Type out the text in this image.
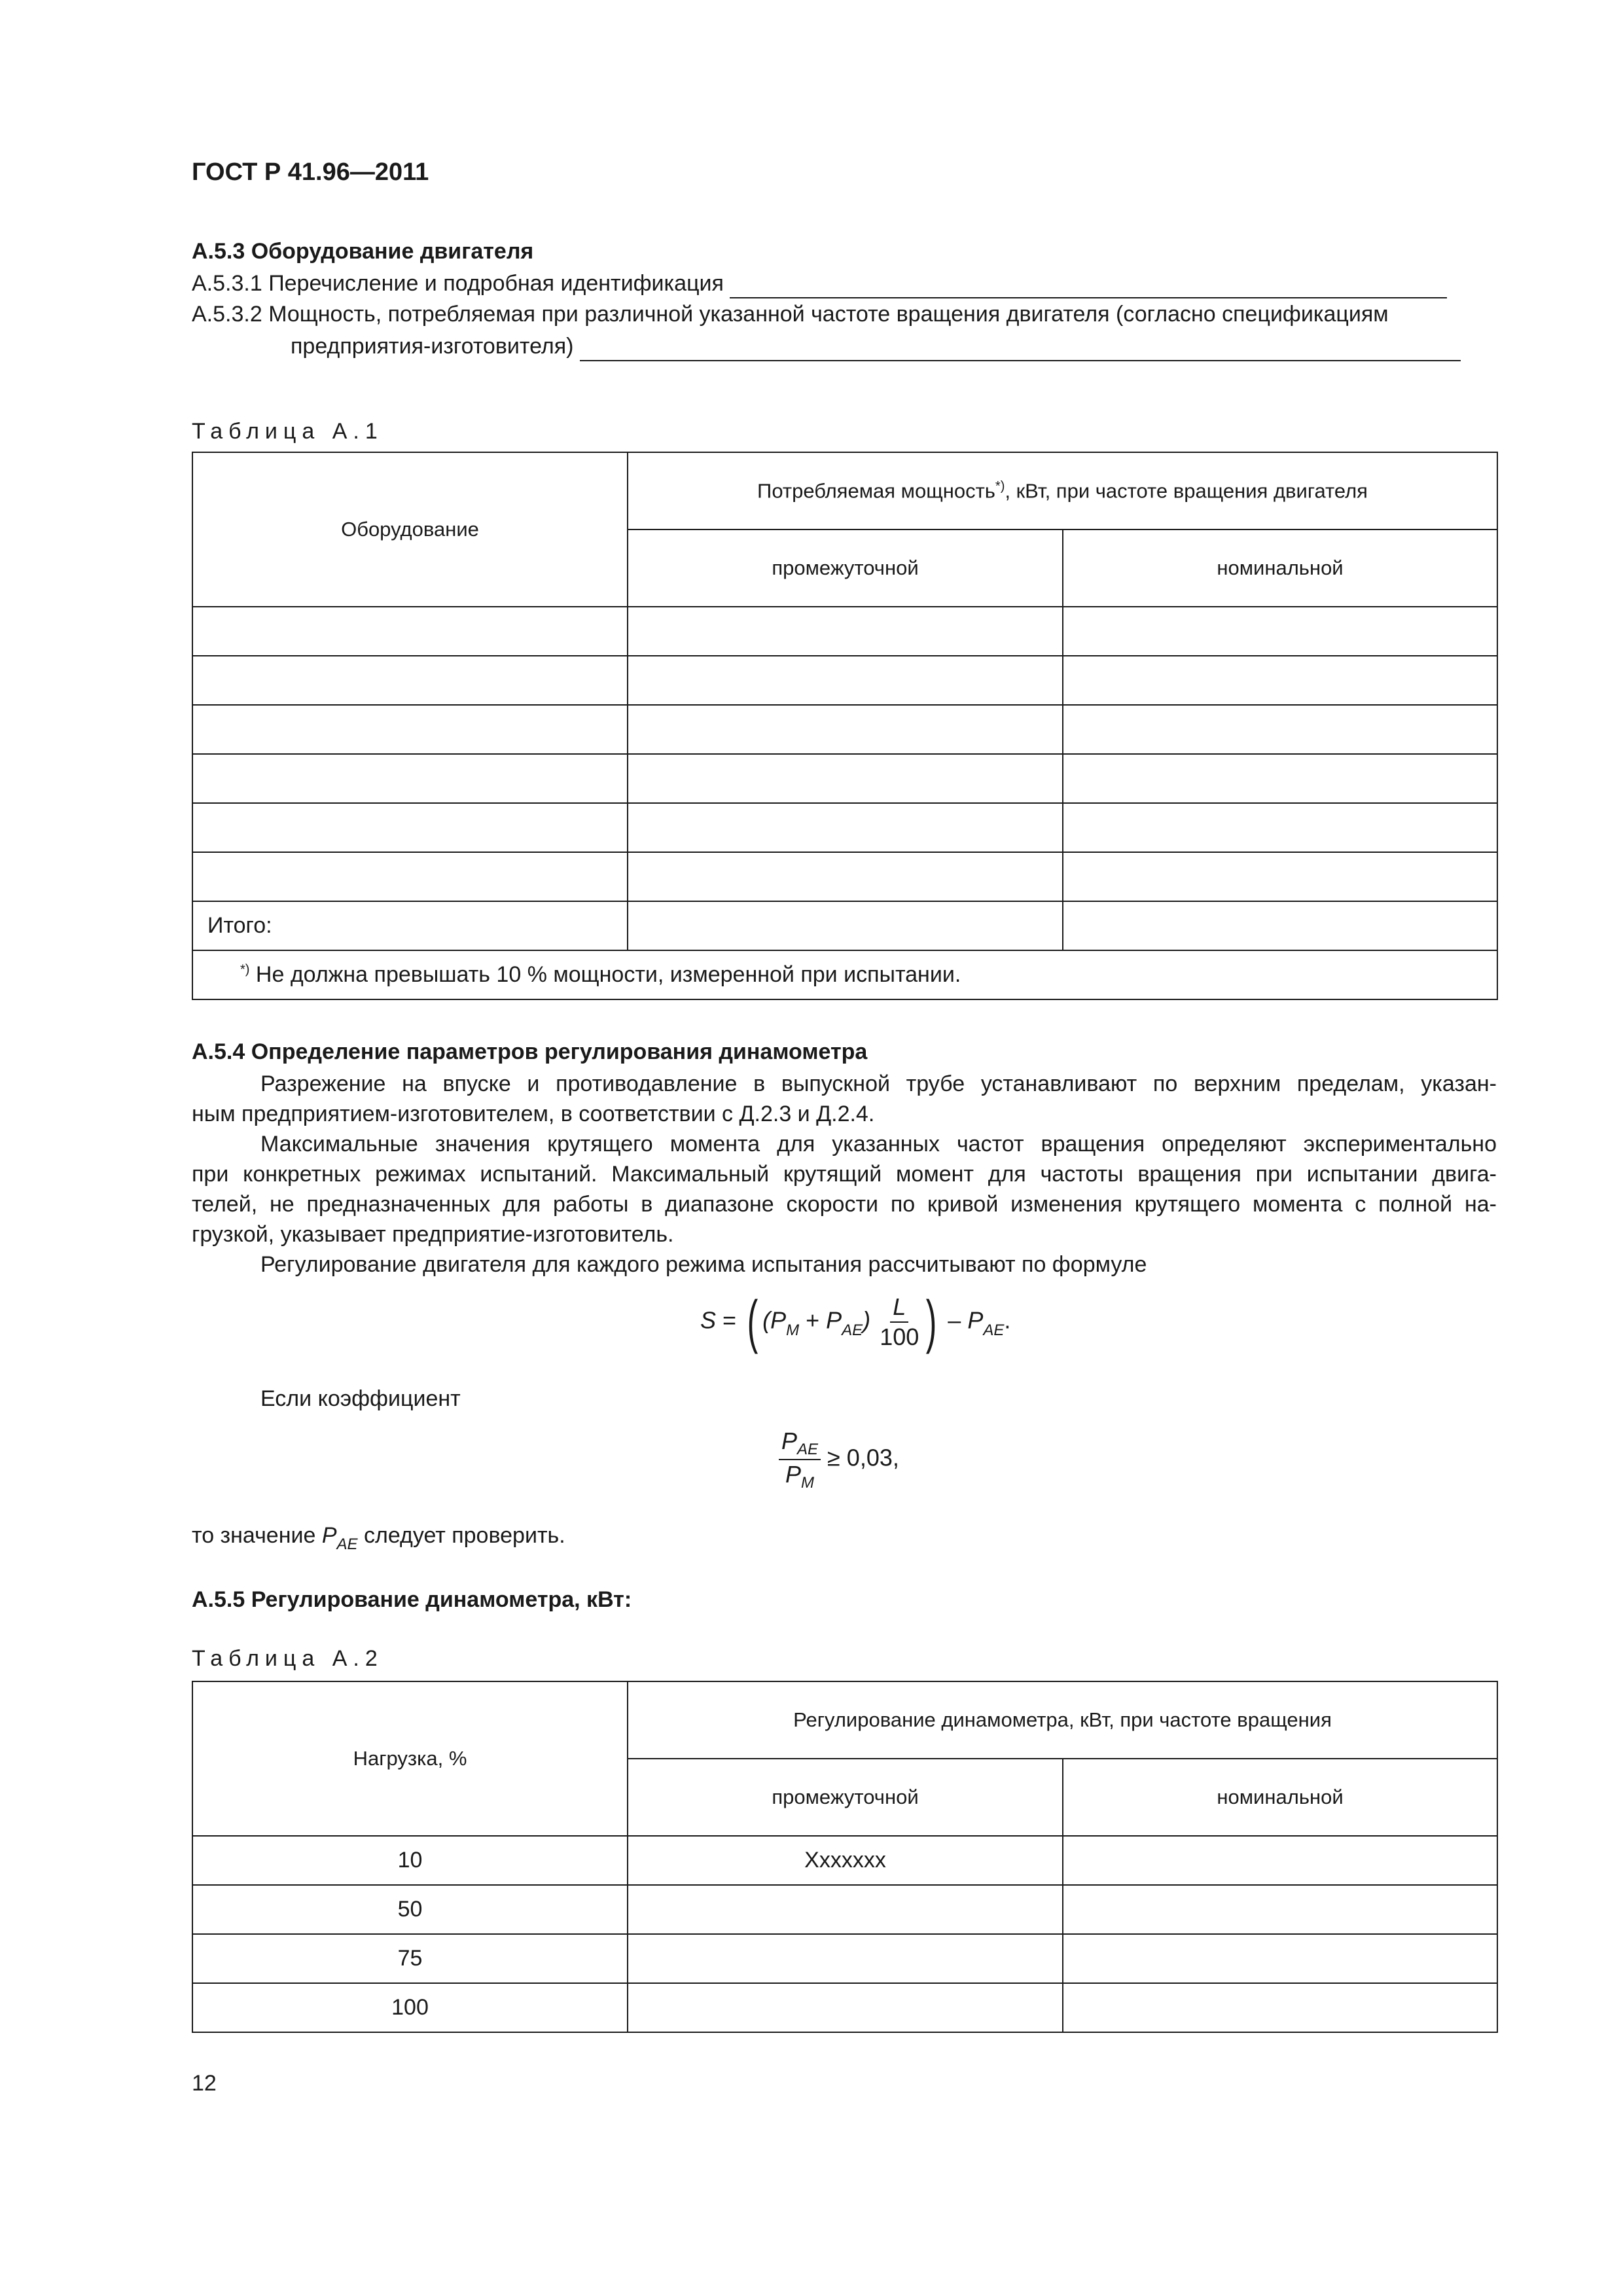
ГОСТ Р 41.96—2011
А.5.3 Оборудование двигателя
А.5.3.1 Перечисление и подробная идентификация
А.5.3.2 Мощность, потребляемая при различной указанной частоте вращения двигателя (согласно спецификациям
предприятия-изготовителя)
Таблица А.1
Оборудование	Потребляемая мощность*), кВт, при частоте вращения двигателя	
	промежуточной	номинальной

Итого:		
*) Не должна превышать 10 % мощности, измеренной при испытании.		
А.5.4 Определение параметров регулирования динамометра
Разрежение на впуске и противодавление в выпускной трубе устанавливают по верхним пределам, указан-
ным предприятием-изготовителем, в соответствии с Д.2.3 и Д.2.4.
Максимальные значения крутящего момента для указанных частот вращения определяют экспериментально
при конкретных режимах испытаний. Максимальный крутящий момент для частоты вращения при испытании двига-
телей, не предназначенных для работы в диапазоне скорости по кривой изменения крутящего момента с полной на-
грузкой, указывает предприятие-изготовитель.
Регулирование двигателя для каждого режима испытания рассчитывают по формуле
S = ( $(P_M + P_{AE}) \frac{L}{100}$ ) – $P_{AE}$.
Если коэффициент
$\frac{P_{AE}}{P_M} \ge 0,03$,
то значение $P_{AE}$ следует проверить.
А.5.5 Регулирование динамометра, кВт:
Таблица А.2
Нагрузка, %	Регулирование динамометра, кВт, при частоте вращения	
	промежуточной	номинальной
10	Ххххххх	
50		
75		
100		
12
